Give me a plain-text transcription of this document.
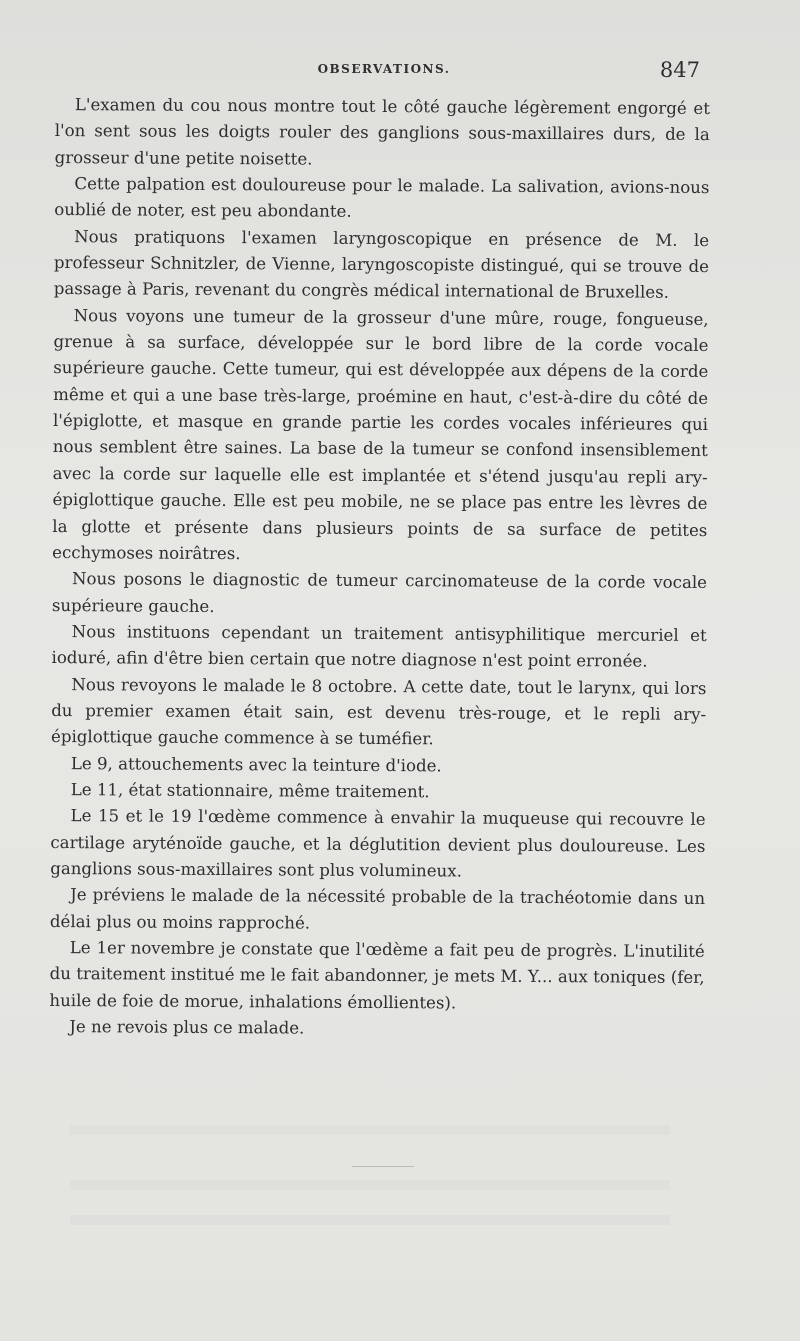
OBSERVATIONS.	847

L'examen du cou nous montre tout le côté gauche légèrement engorgé et l'on sent sous les doigts rouler des ganglions sous-maxillaires durs, de la grosseur d'une petite noisette.

Cette palpation est douloureuse pour le malade. La salivation, avions-nous oublié de noter, est peu abondante.

Nous pratiquons l'examen laryngoscopique en présence de M. le professeur Schnitzler, de Vienne, laryngoscopiste distingué, qui se trouve de passage à Paris, revenant du congrès médical international de Bruxelles.

Nous voyons une tumeur de la grosseur d'une mûre, rouge, fongueuse, grenue à sa surface, développée sur le bord libre de la corde vocale supérieure gauche. Cette tumeur, qui est développée aux dépens de la corde même et qui a une base très-large, proémine en haut, c'est-à-dire du côté de l'épiglotte, et masque en grande partie les cordes vocales inférieures qui nous semblent être saines. La base de la tumeur se confond insensiblement avec la corde sur laquelle elle est implantée et s'étend jusqu'au repli ary-épiglottique gauche. Elle est peu mobile, ne se place pas entre les lèvres de la glotte et présente dans plusieurs points de sa surface de petites ecchymoses noirâtres.

Nous posons le diagnostic de tumeur carcinomateuse de la corde vocale supérieure gauche.

Nous instituons cependant un traitement antisyphilitique mercuriel et ioduré, afin d'être bien certain que notre diagnose n'est point erronée.

Nous revoyons le malade le 8 octobre. A cette date, tout le larynx, qui lors du premier examen était sain, est devenu très-rouge, et le repli ary-épiglottique gauche commence à se tuméfier.

Le 9, attouchements avec la teinture d'iode.

Le 11, état stationnaire, même traitement.

Le 15 et le 19 l'œdème commence à envahir la muqueuse qui recouvre le cartilage aryténoïde gauche, et la déglutition devient plus douloureuse. Les ganglions sous-maxillaires sont plus volumineux.

Je préviens le malade de la nécessité probable de la trachéotomie dans un délai plus ou moins rapproché.

Le 1er novembre je constate que l'œdème a fait peu de progrès. L'inutilité du traitement institué me le fait abandonner, je mets M. Y... aux toniques (fer, huile de foie de morue, inhalations émollientes).

Je ne revois plus ce malade.
